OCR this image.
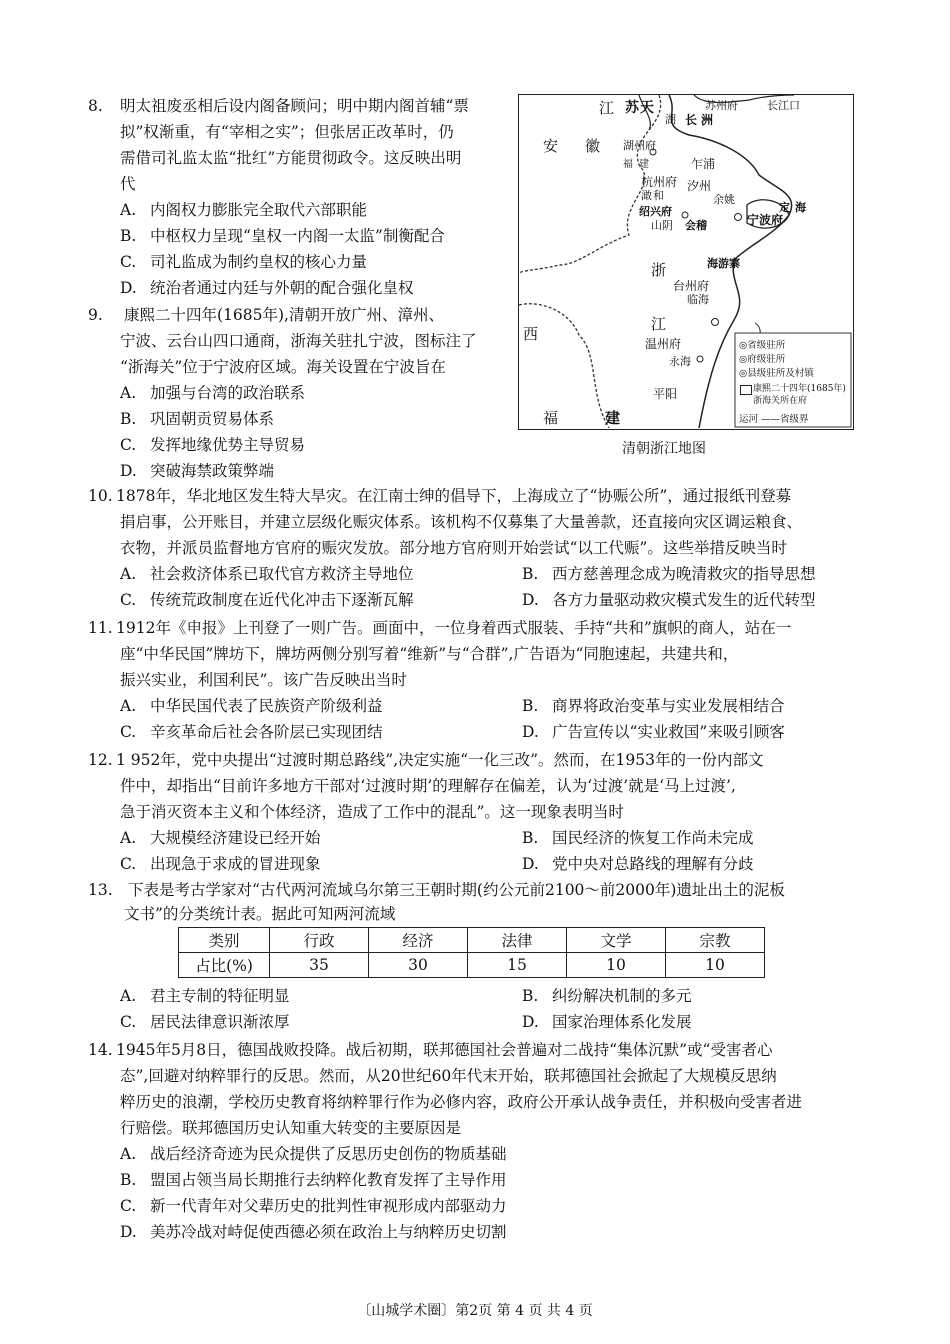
8. 明太祖废丞相后设内阁备顾问；明中期内阁首辅“票
拟”权渐重，有“宰相之实”；但张居正改革时，仍
需借司礼监太监“批红”方能贯彻政令。这反映出明
代
A. 内阁权力膨胀完全取代六部职能
B. 中枢权力呈现“皇权一内阁一太监”制衡配合
C. 司礼监成为制约皇权的核心力量
D. 统治者通过内廷与外朝的配合强化皇权
9. 康熙二十四年(1685年),清朝开放广州、漳州、
宁波、云台山四口通商，浙海关驻扎宁波，图标注了
“浙海关”位于宁波府区域。海关设置在宁波旨在
A. 加强与台湾的政治联系
B. 巩固朝贡贸易体系
C. 发挥地缘优势主导贸易
D. 突破海禁政策弊端
江 苏 天	苏州府	长江口
湖 长 洲
安 徽 湖州府
福 建	乍浦
杭州府
澉 和
汐州
余姚
定 海
绍兴府
宁波府
山阴 会稽
海游寨
浙
台州府
临海
江
西
温州府
永海
平阳
福	建
◎省级驻所
◎府级驻所
◎县级驻所及村镇
康熙二十四年(1685年)
浙海关所在府
运河 ——省级界
清朝浙江地图
10. 1878年，华北地区发生特大旱灾。在江南士绅的倡导下，上海成立了“协赈公所”，通过报纸刊登募
捐启事，公开账目，并建立层级化赈灾体系。该机构不仅募集了大量善款，还直接向灾区调运粮食、
衣物，并派员监督地方官府的赈灾发放。部分地方官府则开始尝试“以工代赈”。这些举措反映当时
A. 社会救济体系已取代官方救济主导地位	B. 西方慈善理念成为晚清救灾的指导思想
C. 传统荒政制度在近代化冲击下逐渐瓦解	D. 各方力量驱动救灾模式发生的近代转型
11. 1912年《申报》上刊登了一则广告。画面中，一位身着西式服装、手持“共和”旗帜的商人，站在一
座“中华民国”牌坊下，牌坊两侧分别写着“维新”与“合群”,广告语为“同胞速起，共建共和，
振兴实业，利国利民”。该广告反映出当时
A. 中华民国代表了民族资产阶级利益	B. 商界将政治变革与实业发展相结合
C. 辛亥革命后社会各阶层已实现团结	D. 广告宣传以“实业救国”来吸引顾客
12. 1 952年，党中央提出“过渡时期总路线”,决定实施“一化三改”。然而，在1953年的一份内部文
件中，却指出“目前许多地方干部对‘过渡时期’的理解存在偏差，认为‘过渡’就是‘马上过渡’,
急于消灭资本主义和个体经济，造成了工作中的混乱”。这一现象表明当时
A. 大规模经济建设已经开始	B. 国民经济的恢复工作尚未完成
C. 出现急于求成的冒进现象	D. 党中央对总路线的理解有分歧
13. 下表是考古学家对“古代两河流域乌尔第三王朝时期(约公元前2100～前2000年)遗址出土的泥板
文书”的分类统计表。据此可知两河流域
类别	行政	经济	法律	文学	宗教
占比(%)	35	30	15	10	10
A. 君主专制的特征明显	B. 纠纷解决机制的多元
C. 居民法律意识渐浓厚	D. 国家治理体系化发展
14. 1945年5月8日，德国战败投降。战后初期，联邦德国社会普遍对二战持“集体沉默”或“受害者心
态”,回避对纳粹罪行的反思。然而，从20世纪60年代末开始，联邦德国社会掀起了大规模反思纳
粹历史的浪潮，学校历史教育将纳粹罪行作为必修内容，政府公开承认战争责任，并积极向受害者进
行赔偿。联邦德国历史认知重大转变的主要原因是
A. 战后经济奇迹为民众提供了反思历史创伤的物质基础
B. 盟国占领当局长期推行去纳粹化教育发挥了主导作用
C. 新一代青年对父辈历史的批判性审视形成内部驱动力
D. 美苏冷战对峙促使西德必须在政治上与纳粹历史切割
〔山城学术圈〕第2页 第 4 页 共 4 页
